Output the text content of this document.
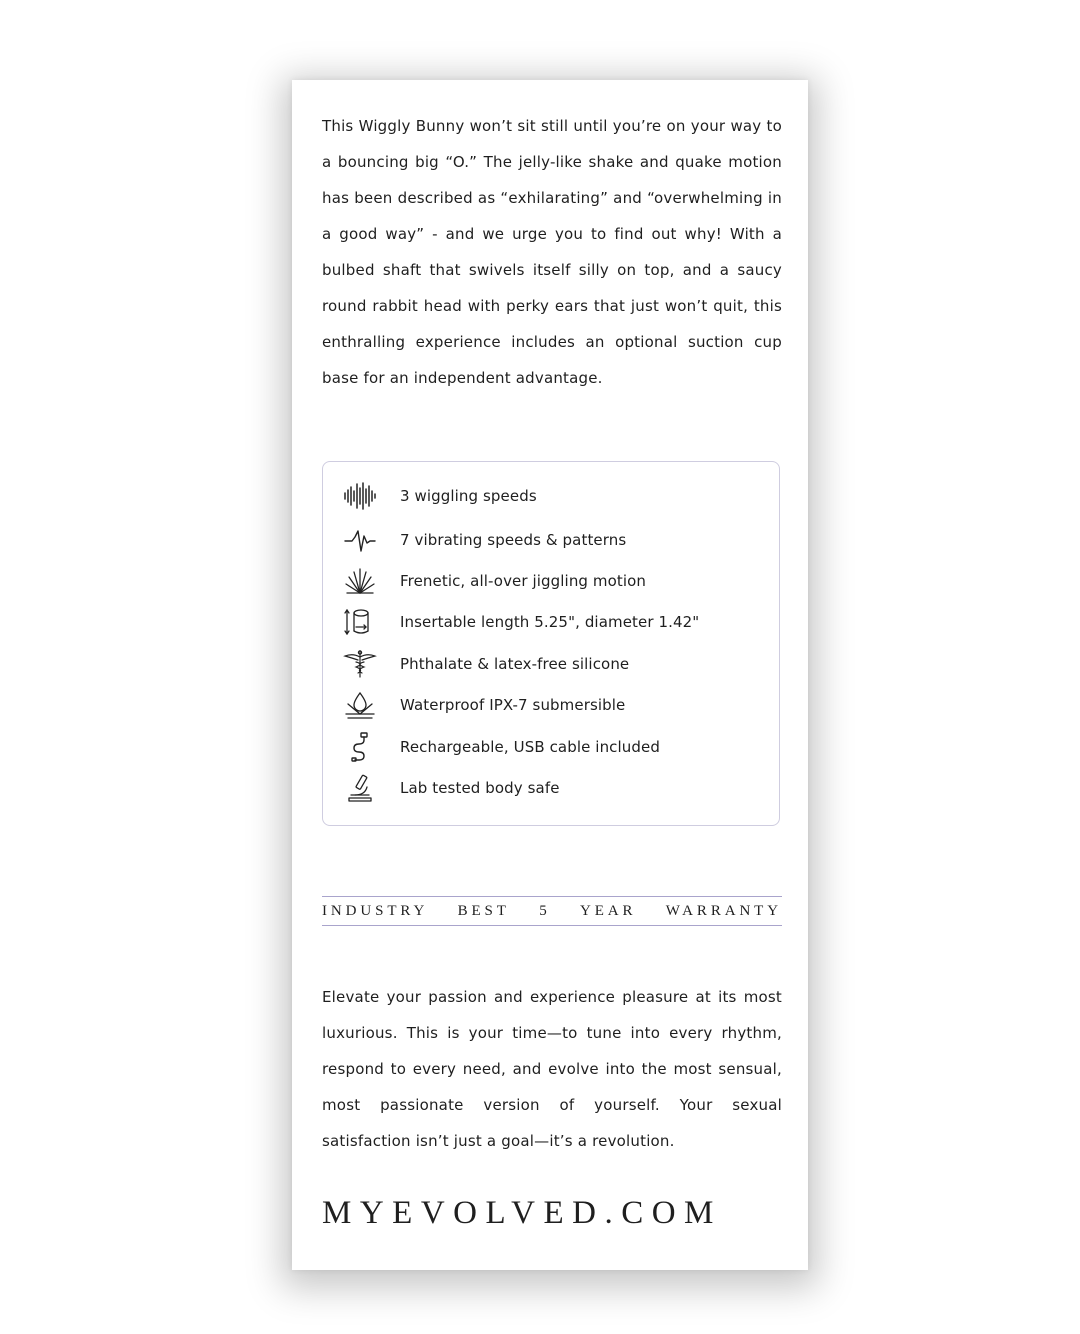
This Wiggly Bunny won’t sit still until you’re on your way to a bouncing big “O.” The jelly-like shake and quake motion has been described as “exhilarating” and “overwhelming in a good way” - and we urge you to find out why! With a bulbed shaft that swivels itself silly on top, and a saucy round rabbit head with perky ears that just won’t quit, this enthralling experience includes an optional suction cup base for an independent advantage.

3 wiggling speeds
7 vibrating speeds & patterns
Frenetic, all-over jiggling motion
Insertable length 5.25", diameter 1.42"
Phthalate & latex-free silicone
Waterproof IPX-7 submersible
Rechargeable, USB cable included
Lab tested body safe
INDUSTRY BEST 5 YEAR WARRANTY

Elevate your passion and experience pleasure at its most luxurious. This is your time—to tune into every rhythm, respond to every need, and evolve into the most sensual, most passionate version of yourself. Your sexual satisfaction isn’t just a goal—it’s a revolution.

MYEVOLVED.COM
